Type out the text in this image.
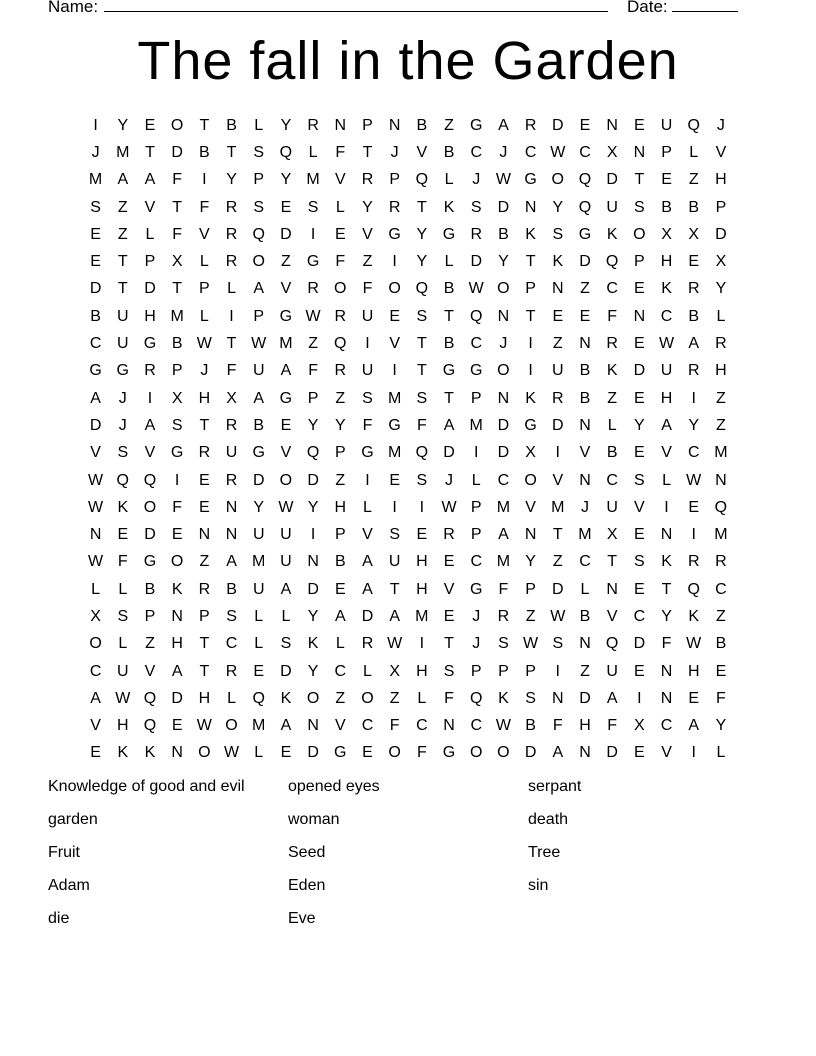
Name:	Date:
The fall in the Garden
I	Y	E	O	T	B	L	Y	R	N	P	N	B	Z	G	A	R	D	E	N	E	U	Q	J
J	M	T	D	B	T	S	Q	L	F	T	J	V	B	C	J	C	W	C	X	N	P	L	V
M	A	A	F	I	Y	P	Y	M	V	R	P	Q	L	J	W	G	O	Q	D	T	E	Z	H
S	Z	V	T	F	R	S	E	S	L	Y	R	T	K	S	D	N	Y	Q	U	S	B	B	P
E	Z	L	F	V	R	Q	D	I	E	V	G	Y	G	R	B	K	S	G	K	O	X	X	D
E	T	P	X	L	R	O	Z	G	F	Z	I	Y	L	D	Y	T	K	D	Q	P	H	E	X
D	T	D	T	P	L	A	V	R	O	F	O	Q	B	W	O	P	N	Z	C	E	K	R	Y
B	U	H	M	L	I	P	G	W	R	U	E	S	T	Q	N	T	E	E	F	N	C	B	L
C	U	G	B	W	T	W	M	Z	Q	I	V	T	B	C	J	I	Z	N	R	E	W	A	R
G	G	R	P	J	F	U	A	F	R	U	I	T	G	G	O	I	U	B	K	D	U	R	H
A	J	I	X	H	X	A	G	P	Z	S	M	S	T	P	N	K	R	B	Z	E	H	I	Z
D	J	A	S	T	R	B	E	Y	Y	F	G	F	A	M	D	G	D	N	L	Y	A	Y	Z
V	S	V	G	R	U	G	V	Q	P	G	M	Q	D	I	D	X	I	V	B	E	V	C	M
W	Q	Q	I	E	R	D	O	D	Z	I	E	S	J	L	C	O	V	N	C	S	L	W	N
W	K	O	F	E	N	Y	W	Y	H	L	I	I	W	P	M	V	M	J	U	V	I	E	Q
N	E	D	E	N	N	U	U	I	P	V	S	E	R	P	A	N	T	M	X	E	N	I	M
W	F	G	O	Z	A	M	U	N	B	A	U	H	E	C	M	Y	Z	C	T	S	K	R	R
L	L	B	K	R	B	U	A	D	E	A	T	H	V	G	F	P	D	L	N	E	T	Q	C
X	S	P	N	P	S	L	L	Y	A	D	A	M	E	J	R	Z	W	B	V	C	Y	K	Z
O	L	Z	H	T	C	L	S	K	L	R	W	I	T	J	S	W	S	N	Q	D	F	W	B
C	U	V	A	T	R	E	D	Y	C	L	X	H	S	P	P	P	I	Z	U	E	N	H	E
A	W	Q	D	H	L	Q	K	O	Z	O	Z	L	F	Q	K	S	N	D	A	I	N	E	F
V	H	Q	E	W	O	M	A	N	V	C	F	C	N	C	W	B	F	H	F	X	C	A	Y
E	K	K	N	O	W	L	E	D	G	E	O	F	G	O	O	D	A	N	D	E	V	I	L
Knowledge of good and evil	opened eyes	serpant
garden	woman	death
Fruit	Seed	Tree
Adam	Eden	sin
die	Eve
